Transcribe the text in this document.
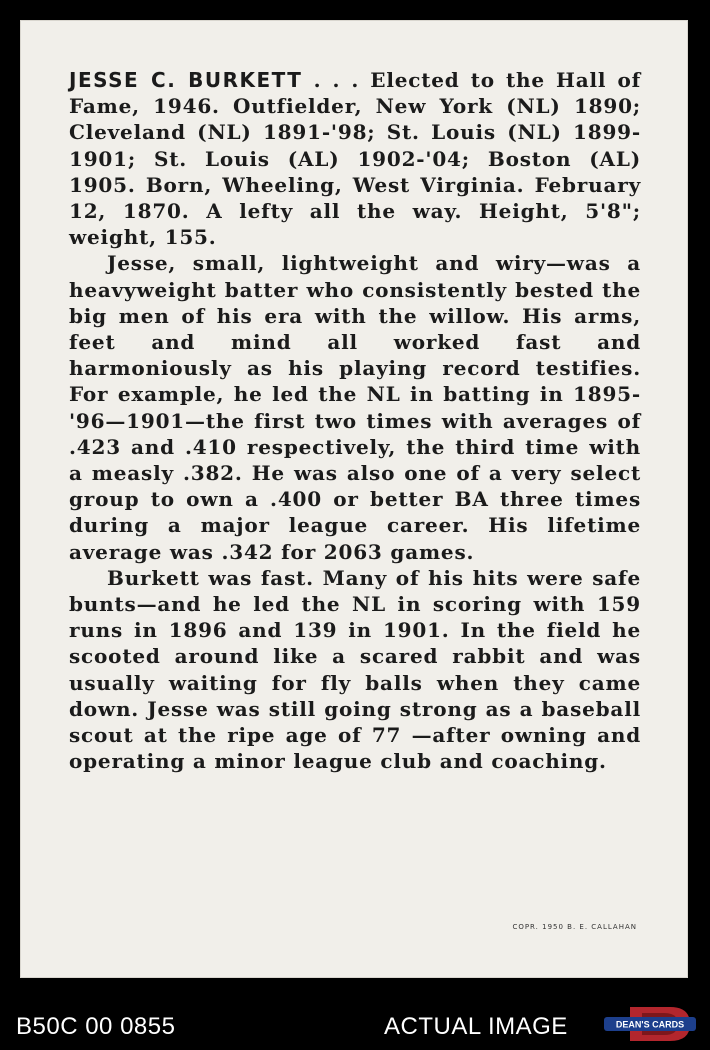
JESSE C. BURKETT . . . Elected to the Hall of Fame, 1946. Outfielder, New York (NL) 1890; Cleveland (NL) 1891-'98; St. Louis (NL) 1899-1901; St. Louis (AL) 1902-'04; Boston (AL) 1905. Born, Wheeling, West Virginia. February 12, 1870. A lefty all the way. Height, 5'8"; weight, 155.

Jesse, small, lightweight and wiry—was a heavyweight batter who consistently bested the big men of his era with the willow. His arms, feet and mind all worked fast and harmoniously as his playing record testifies. For example, he led the NL in batting in 1895-'96—1901—the first two times with averages of .423 and .410 respectively, the third time with a measly .382. He was also one of a very select group to own a .400 or better BA three times during a major league career. His lifetime average was .342 for 2063 games.

Burkett was fast. Many of his hits were safe bunts—and he led the NL in scoring with 159 runs in 1896 and 139 in 1901. In the field he scooted around like a scared rabbit and was usually waiting for fly balls when they came down. Jesse was still going strong as a baseball scout at the ripe age of 77 —after owning and operating a minor league club and coaching.

COPR. 1950 B. E. CALLAHAN
B50C 00 0855	ACTUAL IMAGE	DEAN'S CARDS
